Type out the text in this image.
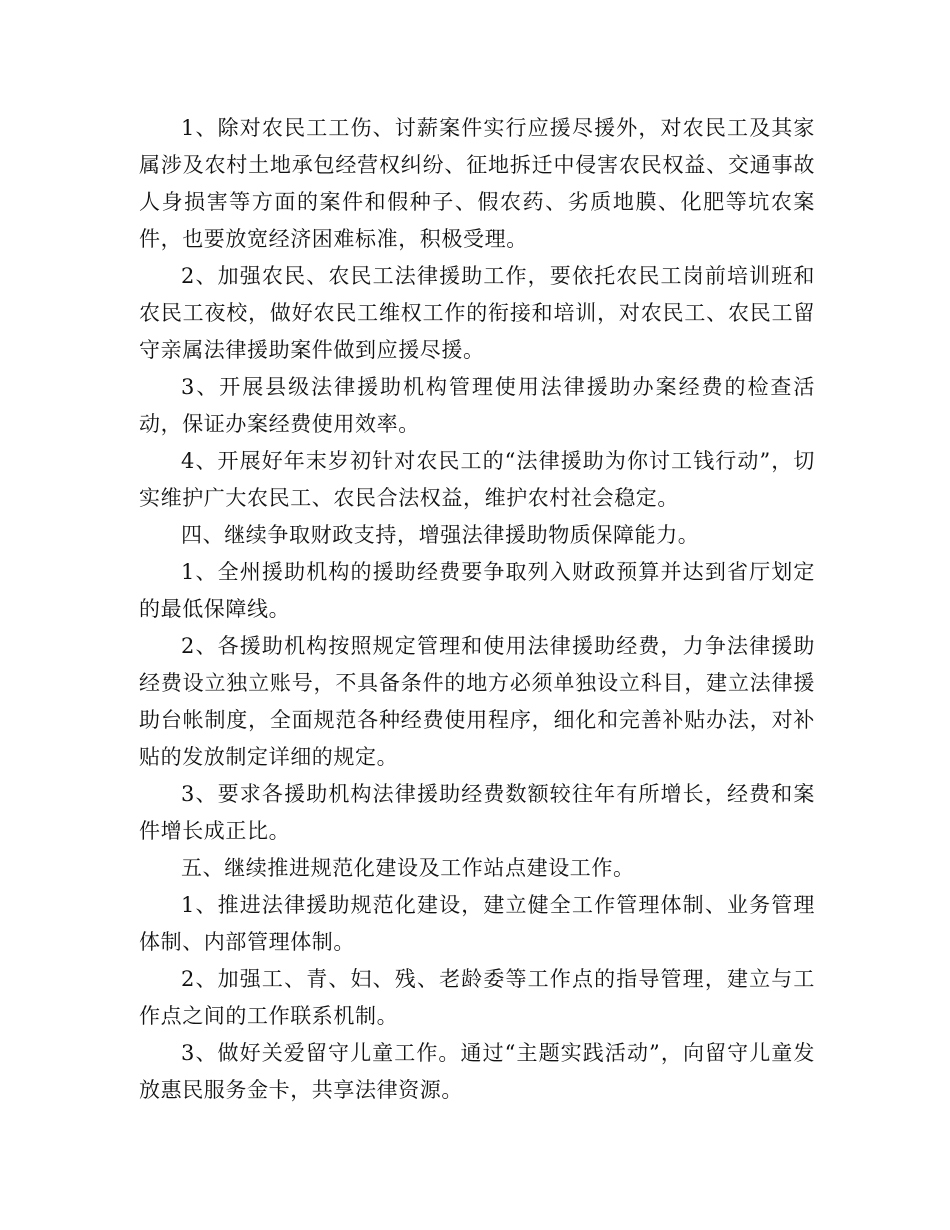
1、除对农民工工伤、讨薪案件实行应援尽援外，对农民工及其家属涉及农村土地承包经营权纠纷、征地拆迁中侵害农民权益、交通事故人身损害等方面的案件和假种子、假农药、劣质地膜、化肥等坑农案件，也要放宽经济困难标准，积极受理。

2、加强农民、农民工法律援助工作，要依托农民工岗前培训班和农民工夜校，做好农民工维权工作的衔接和培训，对农民工、农民工留守亲属法律援助案件做到应援尽援。

3、开展县级法律援助机构管理使用法律援助办案经费的检查活动，保证办案经费使用效率。

4、开展好年末岁初针对农民工的“法律援助为你讨工钱行动”，切实维护广大农民工、农民合法权益，维护农村社会稳定。

四、继续争取财政支持，增强法律援助物质保障能力。

1、全州援助机构的援助经费要争取列入财政预算并达到省厅划定的最低保障线。

2、各援助机构按照规定管理和使用法律援助经费，力争法律援助经费设立独立账号，不具备条件的地方必须单独设立科目，建立法律援助台帐制度，全面规范各种经费使用程序，细化和完善补贴办法，对补贴的发放制定详细的规定。

3、要求各援助机构法律援助经费数额较往年有所增长，经费和案件增长成正比。

五、继续推进规范化建设及工作站点建设工作。

1、推进法律援助规范化建设，建立健全工作管理体制、业务管理体制、内部管理体制。

2、加强工、青、妇、残、老龄委等工作点的指导管理，建立与工作点之间的工作联系机制。

3、做好关爱留守儿童工作。通过“主题实践活动”，向留守儿童发放惠民服务金卡，共享法律资源。
